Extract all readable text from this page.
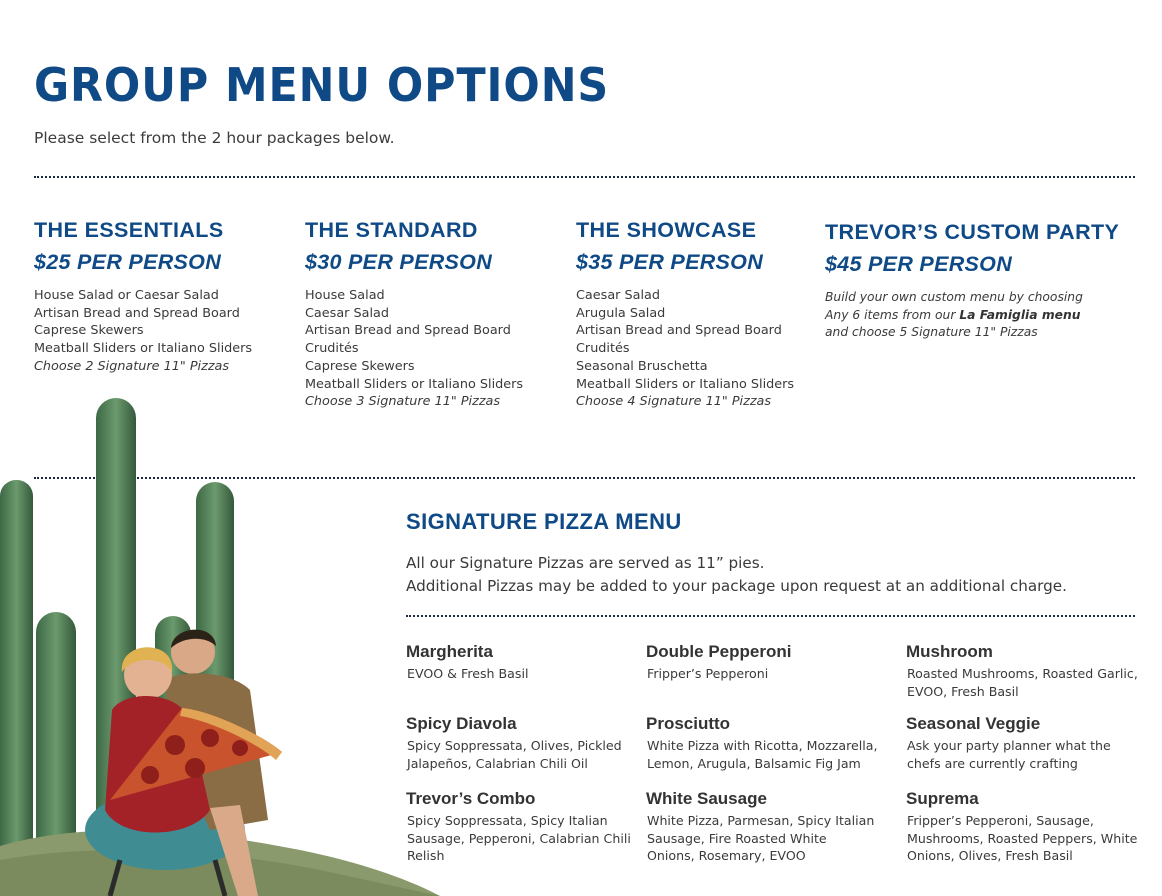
GROUP MENU OPTIONS

Please select from the 2 hour packages below.

THE ESSENTIALS
$25 PER PERSON
House Salad or Caesar Salad
Artisan Bread and Spread Board
Caprese Skewers
Meatball Sliders or Italiano Sliders
Choose 2 Signature 11" Pizzas
THE STANDARD
$30 PER PERSON
House Salad
Caesar Salad
Artisan Bread and Spread Board
Crudités
Caprese Skewers
Meatball Sliders or Italiano Sliders
Choose 3 Signature 11" Pizzas
THE SHOWCASE
$35 PER PERSON
Caesar Salad
Arugula Salad
Artisan Bread and Spread Board
Crudités
Seasonal Bruschetta
Meatball Sliders or Italiano Sliders
Choose 4 Signature 11" Pizzas
TREVOR’S CUSTOM PARTY
$45 PER PERSON
Build your own custom menu by choosing
Any 6 items from our La Famiglia menu
and choose 5 Signature 11" Pizzas
SIGNATURE PIZZA MENU
All our Signature Pizzas are served as 11” pies.
Additional Pizzas may be added to your package upon request at an additional charge.
Margherita

EVOO & Fresh Basil

Double Pepperoni

Fripper’s Pepperoni

Mushroom

Roasted Mushrooms, Roasted Garlic, EVOO, Fresh Basil

Spicy Diavola

Spicy Soppressata, Olives, Pickled Jalapeños, Calabrian Chili Oil

Prosciutto

White Pizza with Ricotta, Mozzarella, Lemon, Arugula, Balsamic Fig Jam

Seasonal Veggie

Ask your party planner what the chefs are currently crafting

Trevor’s Combo

Spicy Soppressata, Spicy Italian Sausage, Pepperoni, Calabrian Chili Relish

White Sausage

White Pizza, Parmesan, Spicy Italian Sausage, Fire Roasted White Onions, Rosemary, EVOO

Suprema

Fripper’s Pepperoni, Sausage, Mushrooms, Roasted Peppers, White Onions, Olives, Fresh Basil
